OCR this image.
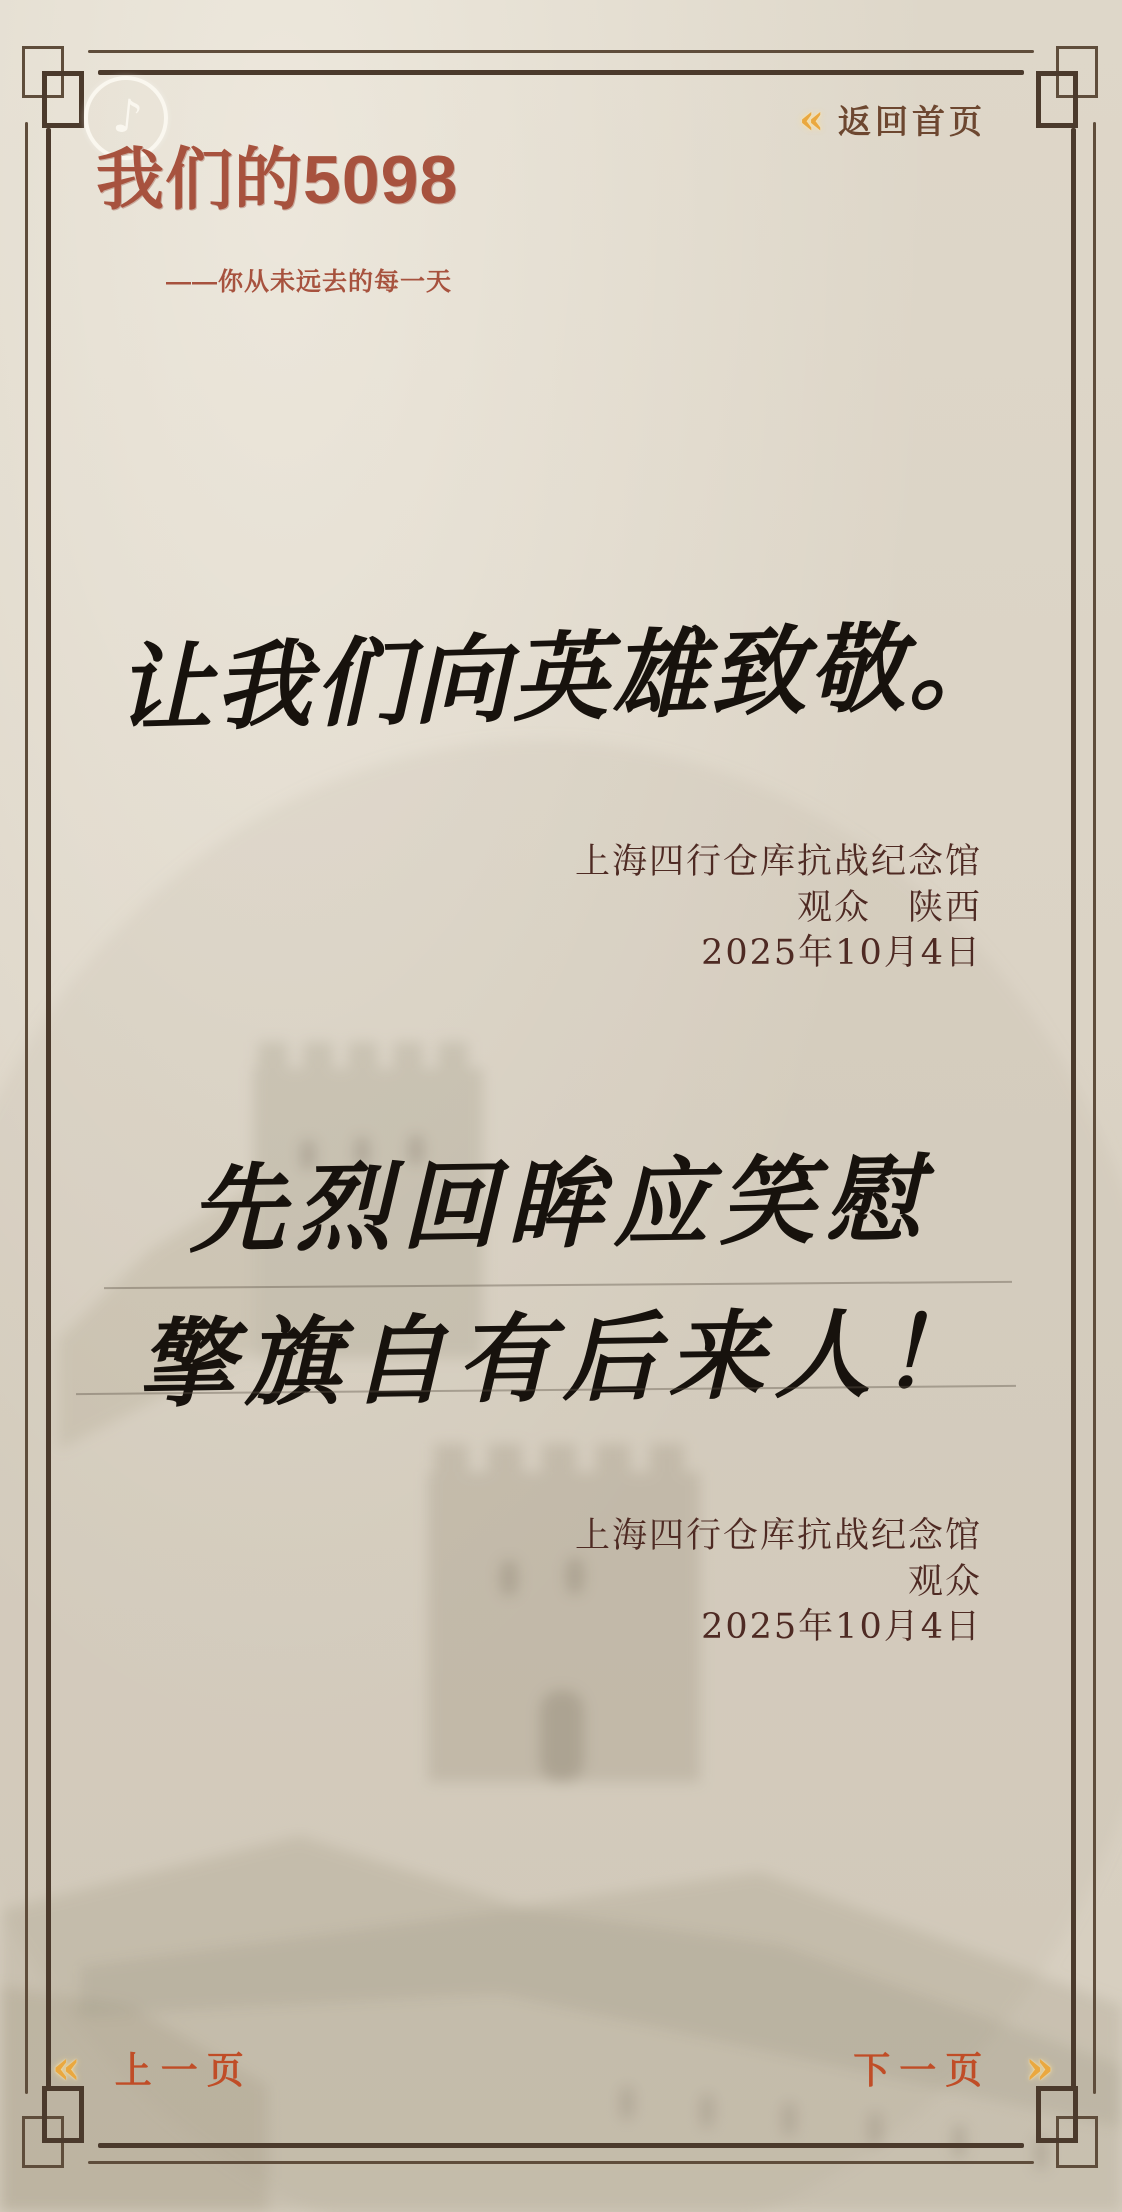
♪	« 返回首页
我们的5098
——你从未远去的每一天
让我们向英雄致敬。
上海四行仓库抗战纪念馆
观众　陕西
2025年10月4日
先烈回眸应笑慰
擎旗自有后来人！
上海四行仓库抗战纪念馆
观众
2025年10月4日
« 上一页	下一页 »
